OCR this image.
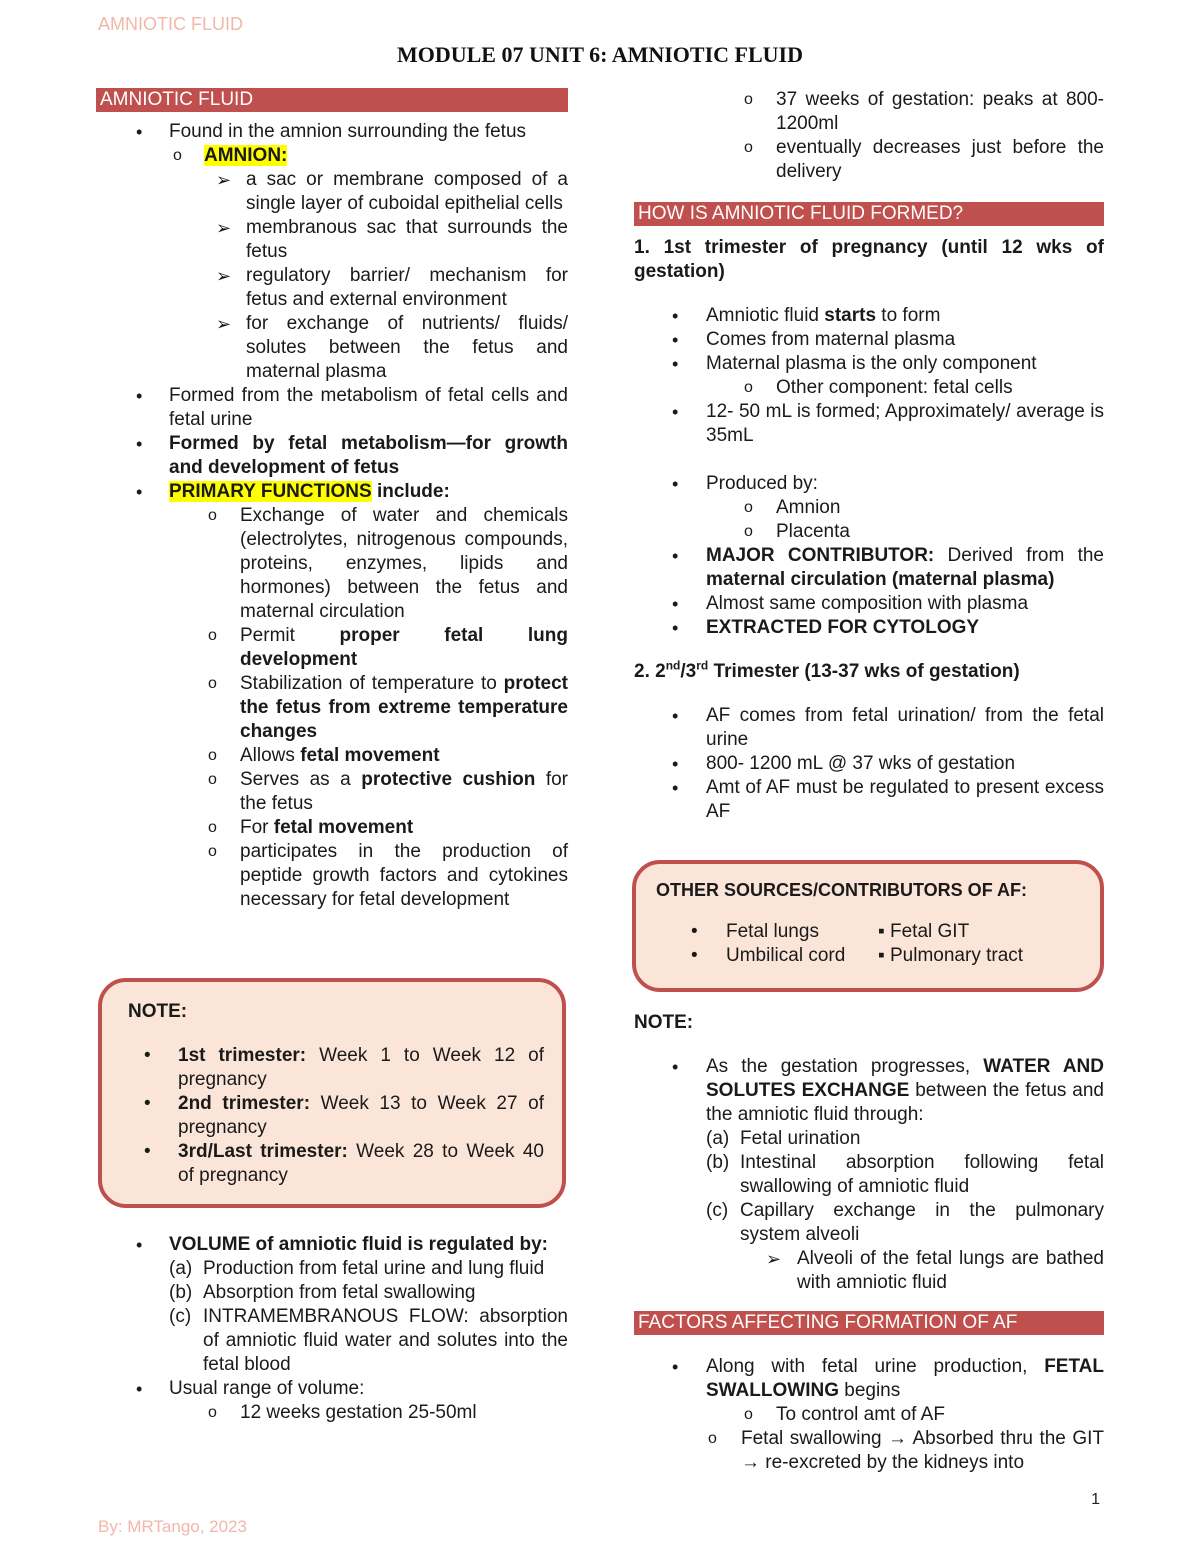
AMNIOTIC FLUID
MODULE 07 UNIT 6: AMNIOTIC FLUID
AMNIOTIC FLUID
• Found in the amnion surrounding the fetus
o AMNION:
➢ a sac or membrane composed of a single layer of cuboidal epithelial cells
➢ membranous sac that surrounds the fetus
➢ regulatory barrier/ mechanism for fetus and external environment
➢ for exchange of nutrients/ fluids/ solutes between the fetus and maternal plasma
• Formed from the metabolism of fetal cells and fetal urine
• Formed by fetal metabolism—for growth and development of fetus
• PRIMARY FUNCTIONS include:
o Exchange of water and chemicals (electrolytes, nitrogenous compounds, proteins, enzymes, lipids and hormones) between the fetus and maternal circulation
o Permit proper fetal lung development
o Stabilization of temperature to protect the fetus from extreme temperature changes
o Allows fetal movement
o Serves as a protective cushion for the fetus
o For fetal movement
o participates in the production of peptide growth factors and cytokines necessary for fetal development
NOTE:
• 1st trimester: Week 1 to Week 12 of pregnancy
• 2nd trimester: Week 13 to Week 27 of pregnancy
• 3rd/Last trimester: Week 28 to Week 40 of pregnancy
• VOLUME of amniotic fluid is regulated by:
(a) Production from fetal urine and lung fluid
(b) Absorption from fetal swallowing
(c) INTRAMEMBRANOUS FLOW: absorption of amniotic fluid water and solutes into the fetal blood
• Usual range of volume:
o 12 weeks gestation 25-50ml
o 37 weeks of gestation: peaks at 800- 1200ml
o eventually decreases just before the delivery
HOW IS AMNIOTIC FLUID FORMED?
1. 1st trimester of pregnancy (until 12 wks of gestation)
• Amniotic fluid starts to form
• Comes from maternal plasma
• Maternal plasma is the only component
o Other component: fetal cells
• 12- 50 mL is formed; Approximately/ average is 35mL
• Produced by:
o Amnion
o Placenta
• MAJOR CONTRIBUTOR: Derived from the maternal circulation (maternal plasma)
• Almost same composition with plasma
• EXTRACTED FOR CYTOLOGY
2. 2nd/3rd Trimester (13-37 wks of gestation)
• AF comes from fetal urination/ from the fetal urine
• 800- 1200 mL @ 37 wks of gestation
• Amt of AF must be regulated to present excess AF
OTHER SOURCES/CONTRIBUTORS OF AF:
• Fetal lungs
• Umbilical cord
▪ Fetal GIT
▪ Pulmonary tract
NOTE:
• As the gestation progresses, WATER AND SOLUTES EXCHANGE between the fetus and the amniotic fluid through:
(a) Fetal urination
(b) Intestinal absorption following fetal swallowing of amniotic fluid
(c) Capillary exchange in the pulmonary system alveoli
➢ Alveoli of the fetal lungs are bathed with amniotic fluid
FACTORS AFFECTING FORMATION OF AF
• Along with fetal urine production, FETAL SWALLOWING begins
o To control amt of AF
o Fetal swallowing → Absorbed thru the GIT → re-excreted by the kidneys into
1
By: MRTango, 2023
